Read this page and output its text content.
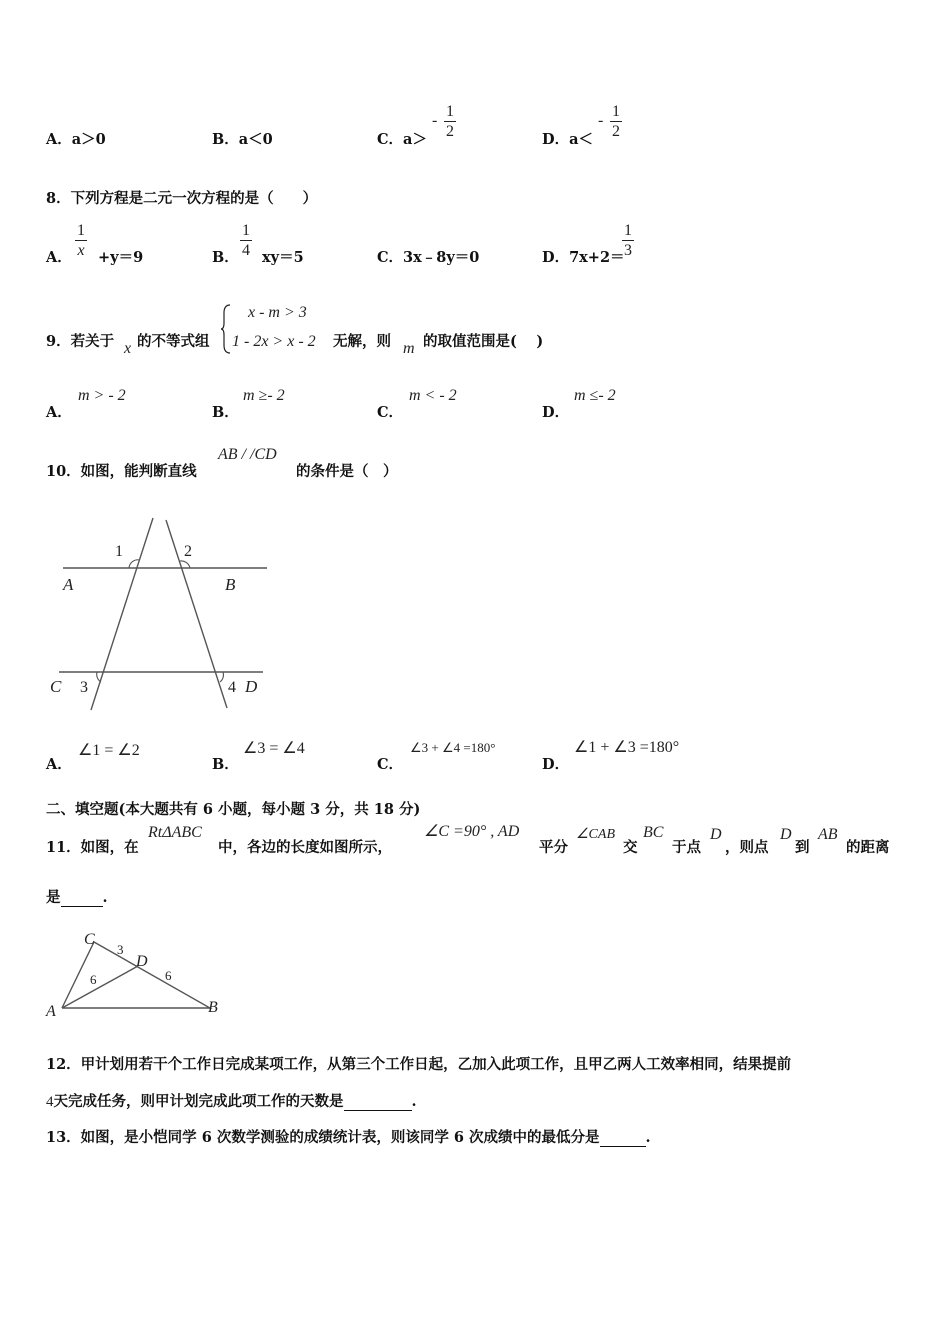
A．a＞0	B．a＜0	C．a＞
- $\frac{1}{2}$	D．a＜
- $\frac{1}{2}$
8．下列方程是二元一次方程的是（　　）
A． $\frac{1}{x} +y=9$	B． $\frac{1}{4} xy=5$	C．3x﹣8y＝0	D．7x+2＝
$\frac{1}{3}$
9．若关于 x 的不等式组
x - m > 3
1 - 2x > x - 2 无解，则 m 的取值范围是(　 )
A．
m > - 2
B．
m ≥- 2
C．
m < - 2
D．
m ≤- 2
10．如图，能判断直线
AB / /CD
的条件是（　）
A	B
C	D
1	2
3	4
A．
∠1 = ∠2
B．
∠3 = ∠4
C．
∠3 + ∠4 =180°
D．
∠1 + ∠3 =180°
二、填空题(本大题共有 6 小题，每小题 3 分，共 18 分)
11．如图，在
RtΔABC
中，各边的长度如图所示，
∠C =90° , AD
平分
∠CAB
交
BC
于点
D
，则点
D
到
AB
的距离
是	.
C
A	B
D
3
6	6
12．甲计划用若干个工作日完成某项工作，从第三个工作日起，乙加入此项工作，且甲乙两人工效率相同，结果提前
4天完成任务，则甲计划完成此项工作的天数是	.
13．如图，是小恺同学 6 次数学测验的成绩统计表，则该同学 6 次成绩中的最低分是	.
